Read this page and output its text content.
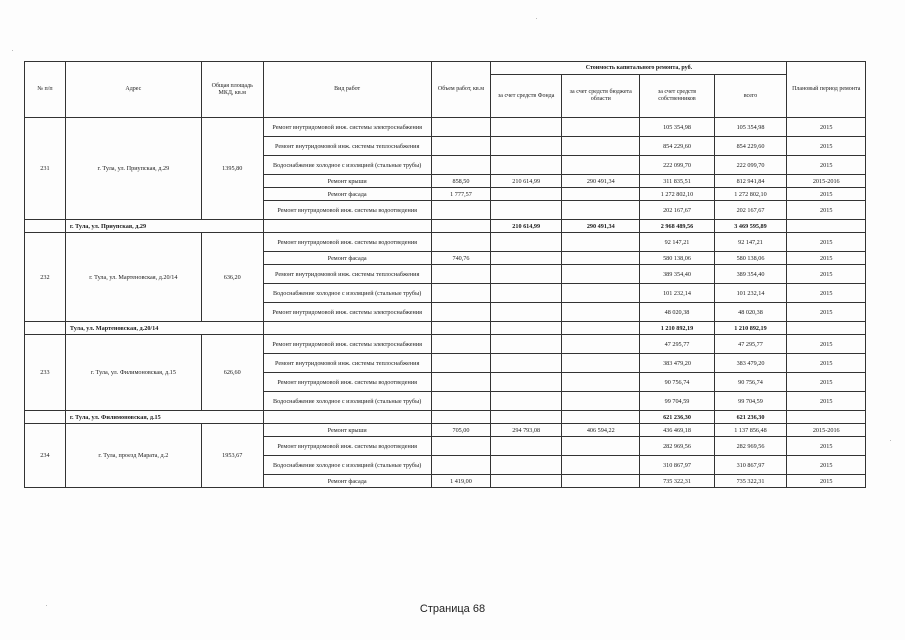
№ п/п	Адрес	Общая площадь МКД, кв.м	Вид работ	Объем работ, кв.м	Стоимость капитального ремонта, руб.				Плановый период ремонта
					за счет средств Фонда	за счет средств бюджета области	за счет средств собственников	всего	
231	г. Тула, ул. Приупская, д.29	1395,80	Ремонт внутридомовой инж. системы электроснабжения				105 354,98	105 354,98	2015
			Ремонт внутридомовой инж. системы теплоснабжения				854 229,60	854 229,60	2015
			Водоснабжение холодное с изоляцией (стальные трубы)				222 099,70	222 099,70	2015
			Ремонт крыши	858,50	210 614,99	290 491,34	311 835,51	812 941,84	2015-2016
			Ремонт фасада	1 777,57			1 272 802,10	1 272 802,10	2015
			Ремонт внутридомовой инж. системы водоотведения				202 167,67	202 167,67	2015
	г. Тула, ул. Приупская, д.29				210 614,99	290 491,34	2 968 489,56	3 469 595,89	
232	г. Тула, ул. Мартеновская, д.20/14	636,20	Ремонт внутридомовой инж. системы водоотведения				92 147,21	92 147,21	2015
			Ремонт фасада	740,76			580 138,06	580 138,06	2015
			Ремонт внутридомовой инж. системы теплоснабжения				389 354,40	389 354,40	2015
			Водоснабжение холодное с изоляцией (стальные трубы)				101 232,14	101 232,14	2015
			Ремонт внутридомовой инж. системы электроснабжения				48 020,38	48 020,38	2015
	Тула, ул. Мартеновская, д.20/14						1 210 892,19	1 210 892,19	
233	г. Тула, ул. Филимоновская, д.15	626,60	Ремонт внутридомовой инж. системы электроснабжения				47 295,77	47 295,77	2015
			Ремонт внутридомовой инж. системы теплоснабжения				383 479,20	383 479,20	2015
			Ремонт внутридомовой инж. системы водоотведения				90 756,74	90 756,74	2015
			Водоснабжение холодное с изоляцией (стальные трубы)				99 704,59	99 704,59	2015
	г. Тула, ул. Филимоновская, д.15						621 236,30	621 236,30	
234	г. Тула, проезд Марата, д.2	1953,67	Ремонт крыши	705,00	294 793,08	406 594,22	436 469,18	1 137 856,48	2015-2016
			Ремонт внутридомовой инж. системы водоотведения				282 969,56	282 969,56	2015
			Водоснабжение холодное с изоляцией (стальные трубы)				310 867,97	310 867,97	2015
			Ремонт фасада	1 419,00			735 322,31	735 322,31	2015
Страница 68
